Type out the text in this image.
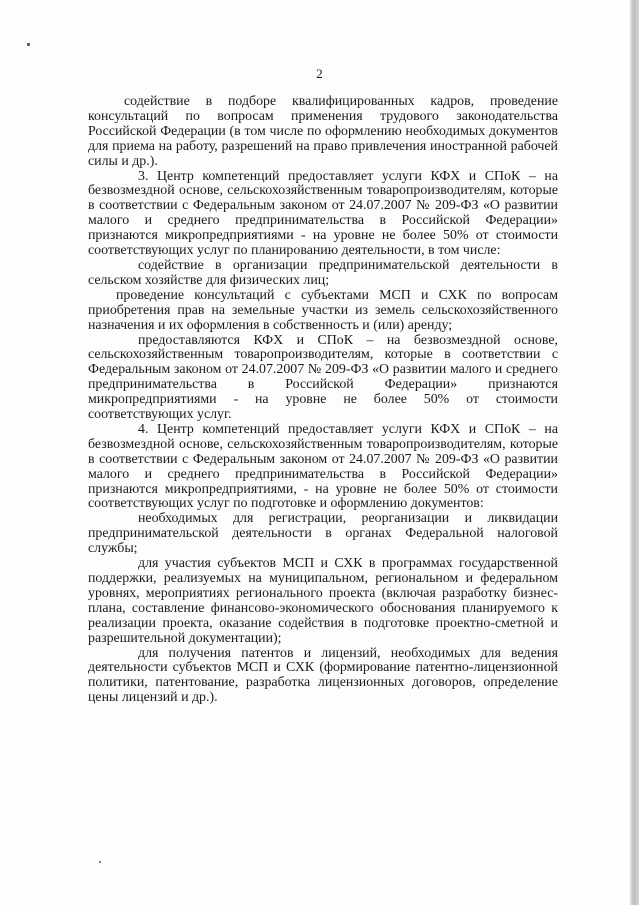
2

содействие в подборе квалифицированных кадров, проведение консультаций по вопросам применения трудового законодательства Российской Федерации (в том числе по оформлению необходимых документов для приема на работу, разрешений на право привлечения иностранной рабочей силы и др.).

3. Центр компетенций предоставляет услуги КФХ и СПоК – на безвозмездной основе, сельскохозяйственным товаропроизводителям, которые в соответствии с Федеральным законом от 24.07.2007 № 209-ФЗ «О развитии малого и среднего предпринимательства в Российской Федерации» признаются микропредприятиями - на уровне не более 50% от стоимости соответствующих услуг по планированию деятельности, в том числе:

содействие в организации предпринимательской деятельности в сельском хозяйстве для физических лиц;

проведение консультаций с субъектами МСП и СХК по вопросам приобретения прав на земельные участки из земель сельскохозяйственного назначения и их оформления в собственность и (или) аренду;

предоставляются КФХ и СПоК – на безвозмездной основе, сельскохозяйственным товаропроизводителям, которые в соответствии с Федеральным законом от 24.07.2007 № 209-ФЗ «О развитии малого и среднего предпринимательства в Российской Федерации» признаются микропредприятиями - на уровне не более 50% от стоимости соответствующих услуг.

4. Центр компетенций предоставляет услуги КФХ и СПоК – на безвозмездной основе, сельскохозяйственным товаропроизводителям, которые в соответствии с Федеральным законом от 24.07.2007 № 209-ФЗ «О развитии малого и среднего предпринимательства в Российской Федерации» признаются микропредприятиями, - на уровне не более 50% от стоимости соответствующих услуг по подготовке и оформлению документов:

необходимых для регистрации, реорганизации и ликвидации предпринимательской деятельности в органах Федеральной налоговой службы;

для участия субъектов МСП и СХК в программах государственной поддержки, реализуемых на муниципальном, региональном и федеральном уровнях, мероприятиях регионального проекта (включая разработку бизнес-плана, составление финансово-экономического обоснования планируемого к реализации проекта, оказание содействия в подготовке проектно-сметной и разрешительной документации);

для получения патентов и лицензий, необходимых для ведения деятельности субъектов МСП и СХК (формирование патентно-лицензионной политики, патентование, разработка лицензионных договоров, определение цены лицензий и др.).
